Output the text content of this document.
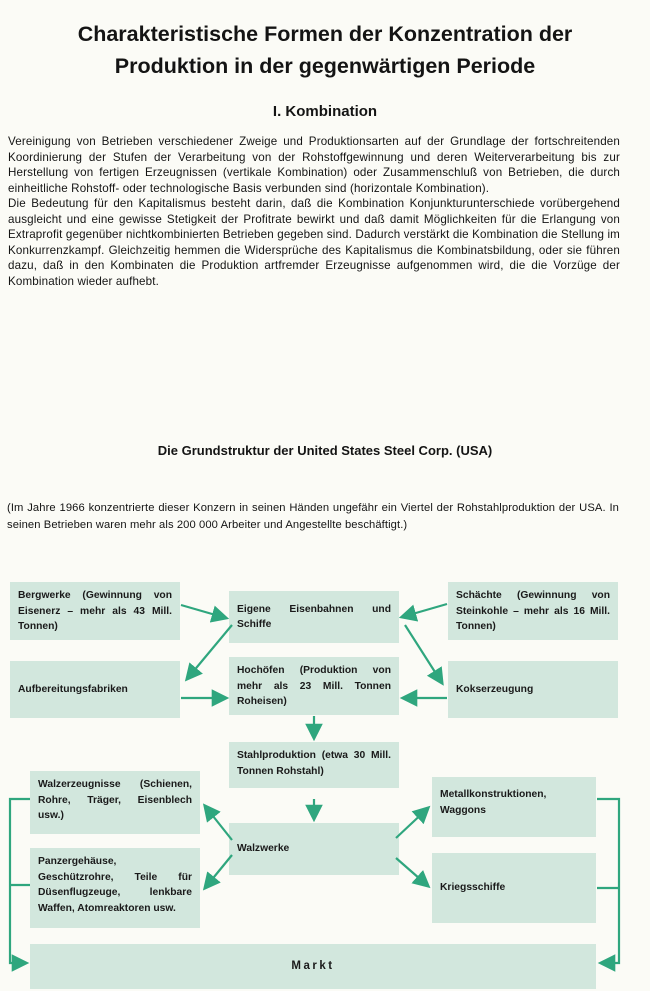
Charakteristische Formen der Konzentration der
Produktion in der gegenwärtigen Periode
I. Kombination

Vereinigung von Betrieben verschiedener Zweige und Produktionsarten auf der Grundlage der fortschreitenden Koordinierung der Stufen der Verarbeitung von der Rohstoffgewinnung und deren Weiterverarbeitung bis zur Herstellung von fertigen Erzeugnissen (vertikale Kombination) oder Zusammenschluß von Betrieben, die durch einheitliche Rohstoff- oder technologische Basis verbunden sind (horizontale Kombination).

Die Bedeutung für den Kapitalismus besteht darin, daß die Kombination Konjunkturunterschiede vorübergehend ausgleicht und eine gewisse Stetigkeit der Profitrate bewirkt und daß damit Möglichkeiten für die Erlangung von Extraprofit gegenüber nichtkombinierten Betrieben gegeben sind. Dadurch verstärkt die Kombination die Stellung im Konkurrenzkampf. Gleichzeitig hemmen die Widersprüche des Kapitalismus die Kombinatsbildung, oder sie führen dazu, daß in den Kombinaten die Produktion artfremder Erzeugnisse aufgenommen wird, die die Vorzüge der Kombination wieder aufhebt.

Die Grundstruktur der United States Steel Corp. (USA)
(Im Jahre 1966 konzentrierte dieser Konzern in seinen Händen ungefähr ein Viertel der Rohstahlproduktion der USA. In seinen Betrieben waren mehr als 200 000 Arbeiter und Angestellte beschäftigt.)
Bergwerke (Gewinnung von Eisenerz – mehr als 43 Mill. Tonnen)
Eigene Eisenbahnen und Schiffe
Schächte (Gewinnung von Steinkohle – mehr als 16 Mill. Tonnen)
Aufbereitungsfabriken
Hochöfen (Produktion von mehr als 23 Mill. Tonnen Roheisen)
Kokserzeugung
Stahlproduktion (etwa 30 Mill. Tonnen Rohstahl)
Walzerzeugnisse (Schienen, Rohre, Träger, Eisenblech usw.)
Walzwerke
Metallkonstruktionen, Waggons
Panzergehäuse, Geschützrohre, Teile für Düsenflugzeuge, lenkbare Waffen, Atomreaktoren usw.
Kriegsschiffe
Markt
